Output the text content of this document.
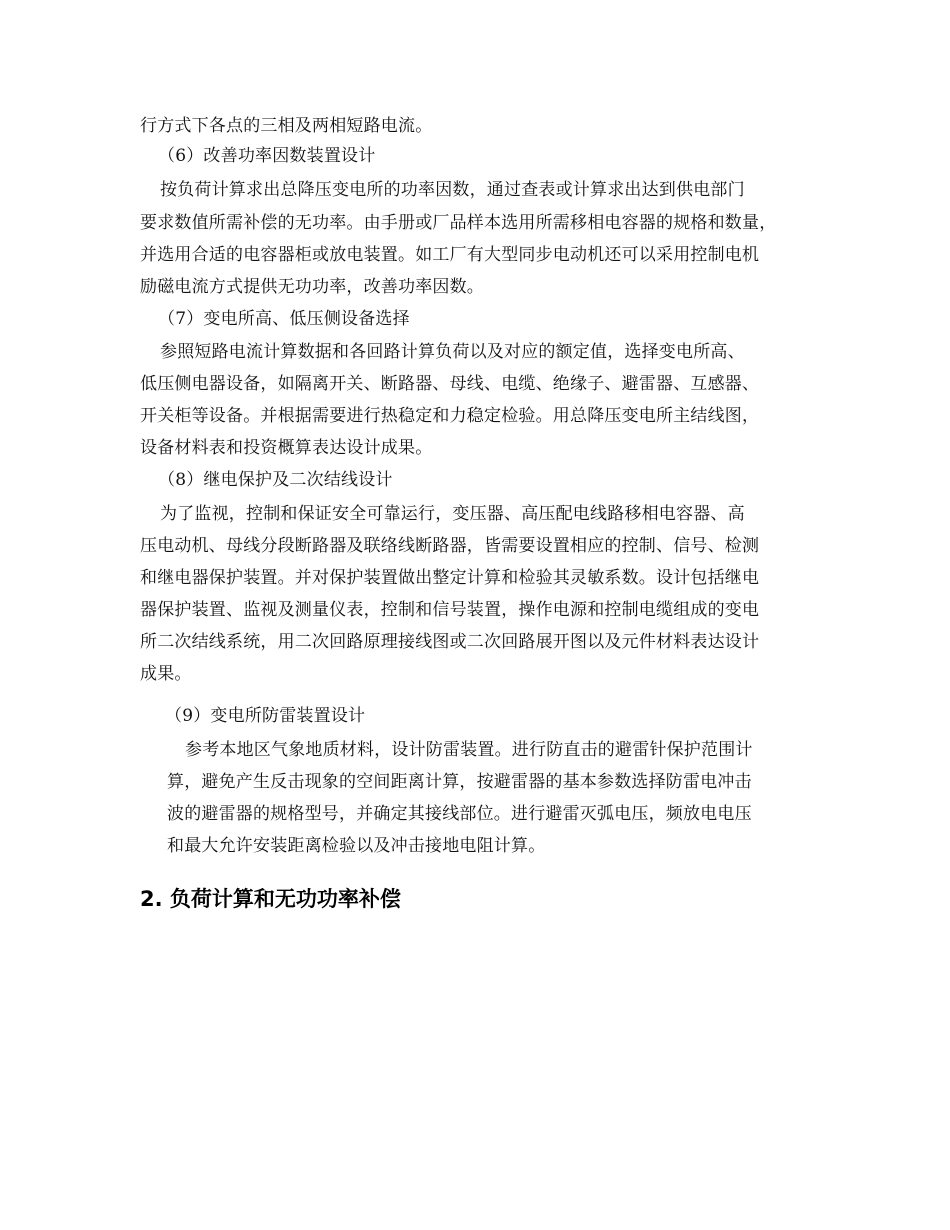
行方式下各点的三相及两相短路电流。
（6）改善功率因数装置设计
按负荷计算求出总降压变电所的功率因数，通过查表或计算求出达到供电部门
要求数值所需补偿的无功率。由手册或厂品样本选用所需移相电容器的规格和数量，
并选用合适的电容器柜或放电装置。如工厂有大型同步电动机还可以采用控制电机
励磁电流方式提供无功功率，改善功率因数。
（7）变电所高、低压侧设备选择
参照短路电流计算数据和各回路计算负荷以及对应的额定值，选择变电所高、
低压侧电器设备，如隔离开关、断路器、母线、电缆、绝缘子、避雷器、互感器、
开关柜等设备。并根据需要进行热稳定和力稳定检验。用总降压变电所主结线图，
设备材料表和投资概算表达设计成果。
（8）继电保护及二次结线设计
为了监视，控制和保证安全可靠运行，变压器、高压配电线路移相电容器、高
压电动机、母线分段断路器及联络线断路器，皆需要设置相应的控制、信号、检测
和继电器保护装置。并对保护装置做出整定计算和检验其灵敏系数。设计包括继电
器保护装置、监视及测量仪表，控制和信号装置，操作电源和控制电缆组成的变电
所二次结线系统，用二次回路原理接线图或二次回路展开图以及元件材料表达设计
成果。
（9）变电所防雷装置设计
参考本地区气象地质材料，设计防雷装置。进行防直击的避雷针保护范围计
算，避免产生反击现象的空间距离计算，按避雷器的基本参数选择防雷电冲击
波的避雷器的规格型号，并确定其接线部位。进行避雷灭弧电压，频放电电压
和最大允许安装距离检验以及冲击接地电阻计算。
2. 负荷计算和无功功率补偿
